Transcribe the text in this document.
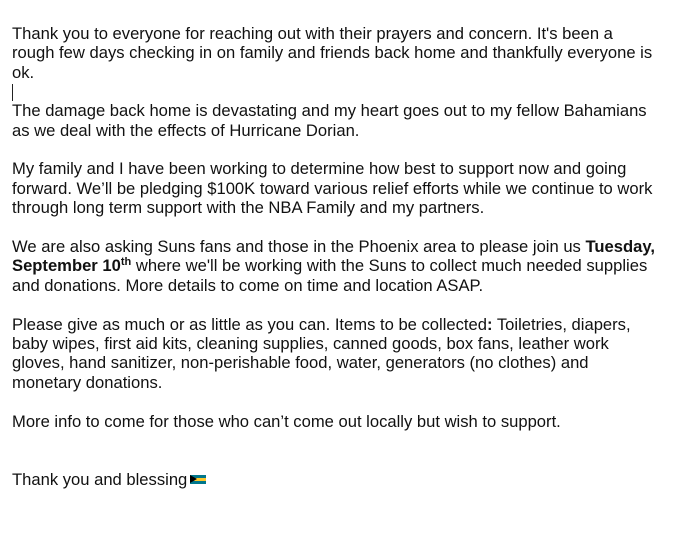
Thank you to everyone for reaching out with their prayers and concern. It's been a
rough few days checking in on family and friends back home and thankfully everyone is
ok.

The damage back home is devastating and my heart goes out to my fellow Bahamians
as we deal with the effects of Hurricane Dorian.

My family and I have been working to determine how best to support now and going
forward. We’ll be pledging $100K toward various relief efforts while we continue to work
through long term support with the NBA Family and my partners.

We are also asking Suns fans and those in the Phoenix area to please join us Tuesday,
September 10th where we'll be working with the Suns to collect much needed supplies
and donations. More details to come on time and location ASAP.

Please give as much or as little as you can. Items to be collected: Toiletries, diapers,
baby wipes, first aid kits, cleaning supplies, canned goods, box fans, leather work
gloves, hand sanitizer, non-perishable food, water, generators (no clothes) and
monetary donations.

More info to come for those who can’t come out locally but wish to support.

Thank you and blessing
